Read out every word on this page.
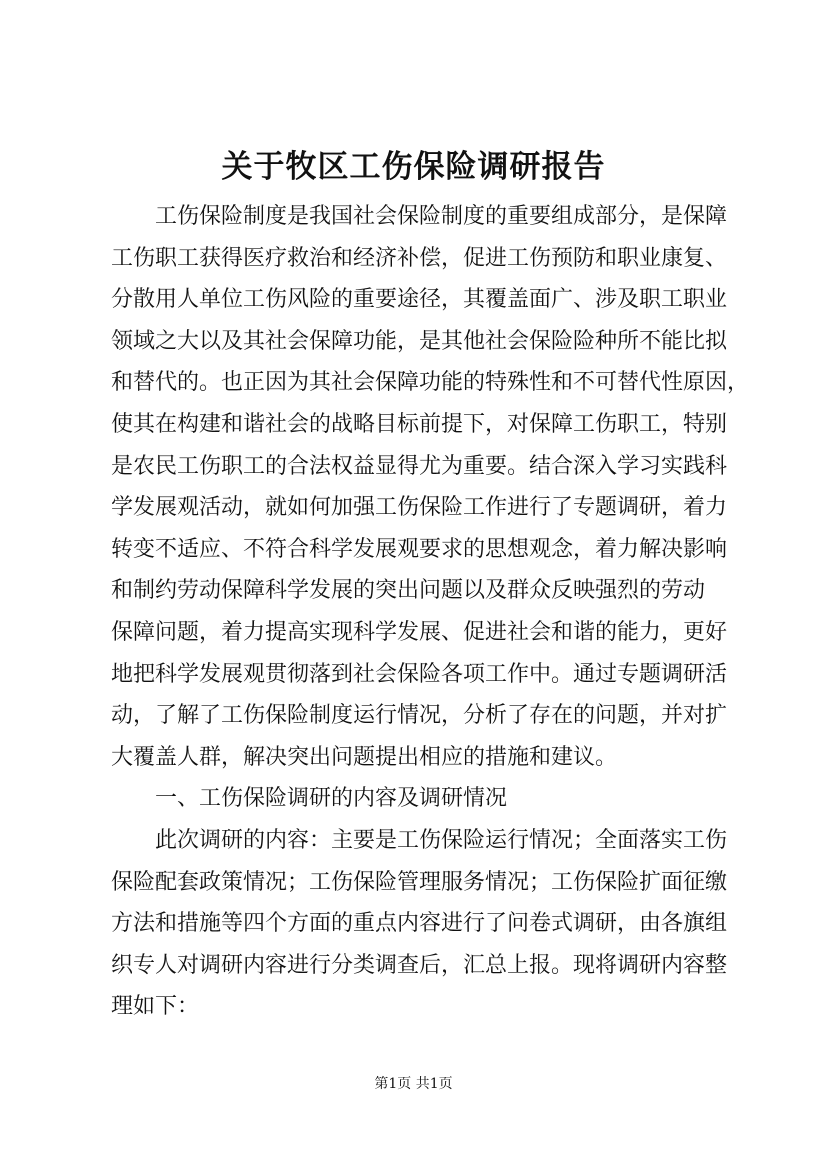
关于牧区工伤保险调研报告

　　工伤保险制度是我国社会保险制度的重要组成部分，是保障

工伤职工获得医疗救治和经济补偿，促进工伤预防和职业康复、

分散用人单位工伤风险的重要途径，其覆盖面广、涉及职工职业

领域之大以及其社会保障功能，是其他社会保险险种所不能比拟

和替代的。也正因为其社会保障功能的特殊性和不可替代性原因，

使其在构建和谐社会的战略目标前提下，对保障工伤职工，特别

是农民工伤职工的合法权益显得尤为重要。结合深入学习实践科

学发展观活动，就如何加强工伤保险工作进行了专题调研，着力

转变不适应、不符合科学发展观要求的思想观念，着力解决影响

和制约劳动保障科学发展的突出问题以及群众反映强烈的劳动

保障问题，着力提高实现科学发展、促进社会和谐的能力，更好

地把科学发展观贯彻落到社会保险各项工作中。通过专题调研活

动，了解了工伤保险制度运行情况，分析了存在的问题，并对扩

大覆盖人群，解决突出问题提出相应的措施和建议。

　　一、工伤保险调研的内容及调研情况

　　此次调研的内容：主要是工伤保险运行情况；全面落实工伤

保险配套政策情况；工伤保险管理服务情况；工伤保险扩面征缴

方法和措施等四个方面的重点内容进行了问卷式调研，由各旗组

织专人对调研内容进行分类调查后，汇总上报。现将调研内容整

理如下：

第1页 共1页
